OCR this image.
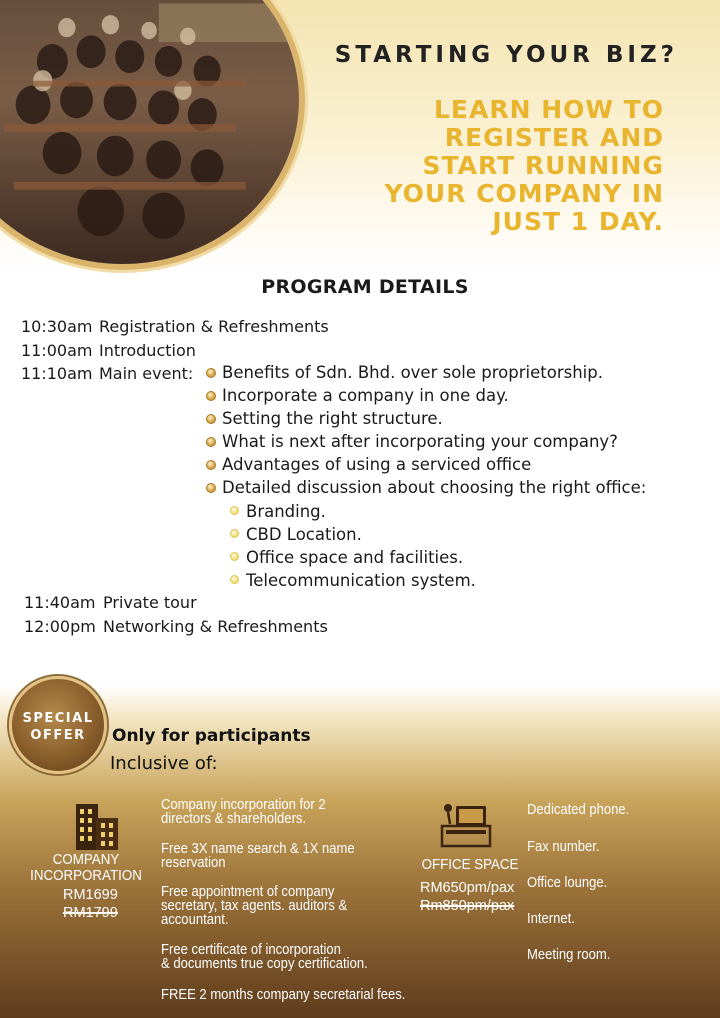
STARTING YOUR BIZ?
LEARN HOW TO
REGISTER AND
START RUNNING
YOUR COMPANY IN
JUST 1 DAY.
PROGRAM DETAILS
10:30am Registration & Refreshments
11:00am Introduction
11:10am Main event:
11:40am Private tour
12:00pm Networking & Refreshments
Benefits of Sdn. Bhd. over sole proprietorship.
Incorporate a company in one day.
Setting the right structure.
What is next after incorporating your company?
Advantages of using a serviced office
Detailed discussion about choosing the right office:
Branding.
CBD Location.
Office space and facilities.
Telecommunication system.
SPECIAL
OFFER	Only for participants
Inclusive of:
COMPANY
INCORPORATION
RM1699
RM1799
Company incorporation for 2
directors & shareholders.
Free 3X name search & 1X name
reservation
Free appointment of company
secretary, tax agents. auditors &
accountant.
Free certificate of incorporation
& documents true copy certification.
FREE 2 months company secretarial fees.
OFFICE SPACE
RM650pm/pax
Rm850pm/pax
Dedicated phone.
Fax number.
Office lounge.
Internet.
Meeting room.
